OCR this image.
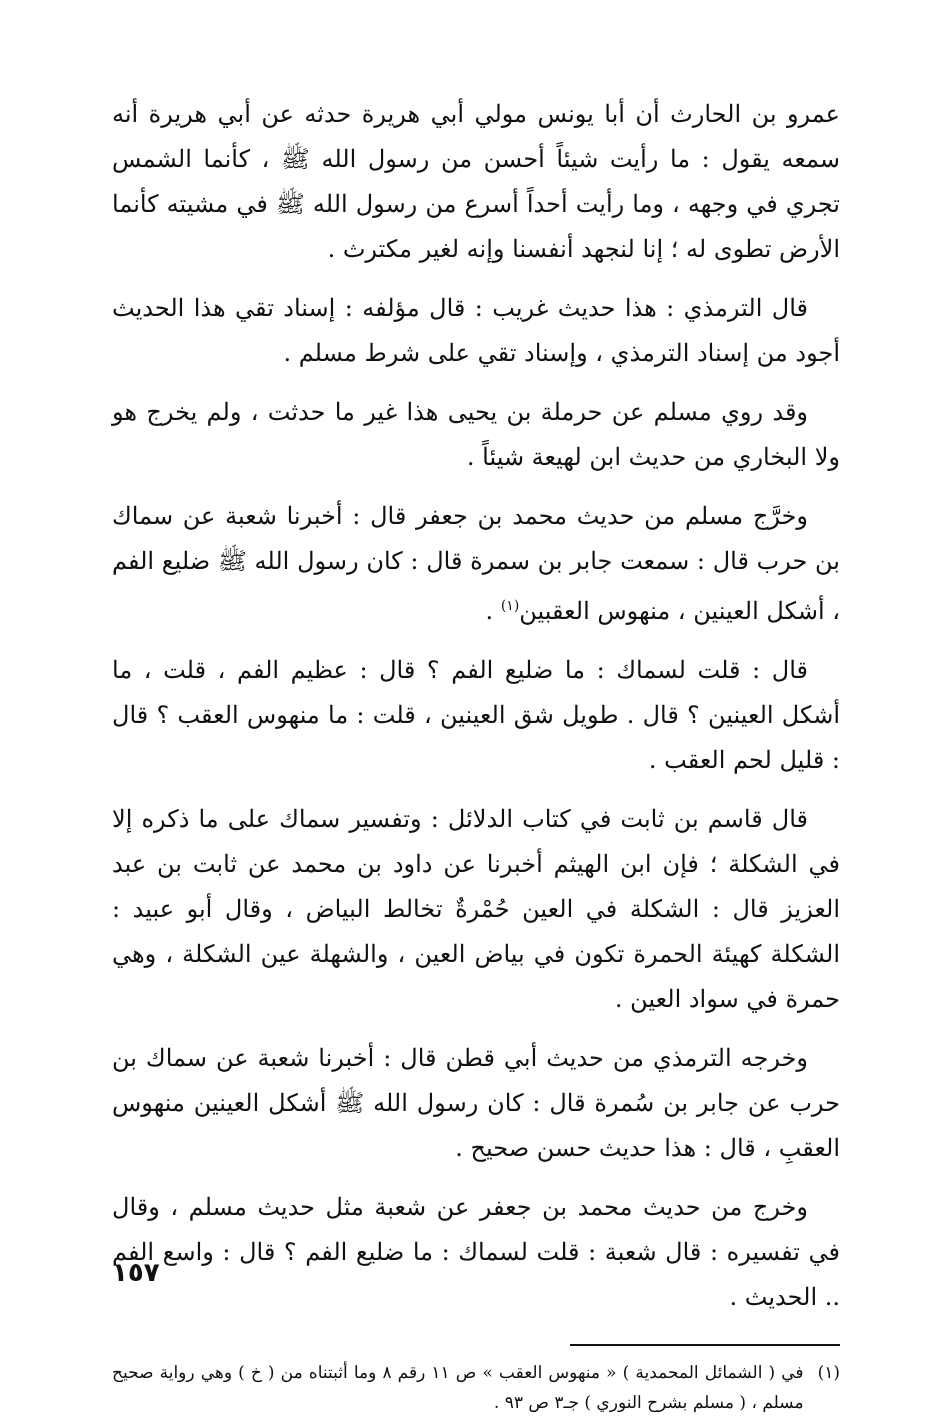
عمرو بن الحارث أن أبا يونس مولي أبي هريرة حدثه عن أبي هريرة أنه سمعه يقول : ما رأيت شيئاً أحسن من رسول الله ﷺ ، كأنما الشمس تجري في وجهه ، وما رأيت أحداً أسرع من رسول الله ﷺ في مشيته كأنما الأرض تطوى له ؛ إنا لنجهد أنفسنا وإنه لغير مكترث .

قال الترمذي : هذا حديث غريب : قال مؤلفه : إسناد تقي هذا الحديث أجود من إسناد الترمذي ، وإسناد تقي على شرط مسلم .

وقد روي مسلم عن حرملة بن يحيى هذا غير ما حدثت ، ولم يخرج هو ولا البخاري من حديث ابن لهيعة شيئاً .

وخرَّج مسلم من حديث محمد بن جعفر قال : أخبرنا شعبة عن سماك بن حرب قال : سمعت جابر بن سمرة قال : كان رسول الله ﷺ ضليع الفم ، أشكل العينين ، منهوس العقبين$^{(١)}$ .

قال : قلت لسماك : ما ضليع الفم ؟ قال : عظيم الفم ، قلت ، ما أشكل العينين ؟ قال . طويل شق العينين ، قلت : ما منهوس العقب ؟ قال : قليل لحم العقب .

قال قاسم بن ثابت في كتاب الدلائل : وتفسير سماك على ما ذكره إلا في الشكلة ؛ فإن ابن الهيثم أخبرنا عن داود بن محمد عن ثابت بن عبد العزيز قال : الشكلة في العين حُمْرةٌ تخالط البياض ، وقال أبو عبيد : الشكلة كهيئة الحمرة تكون في بياض العين ، والشهلة عين الشكلة ، وهي حمرة في سواد العين .

وخرجه الترمذي من حديث أبي قطن قال : أخبرنا شعبة عن سماك بن حرب عن جابر بن سُمرة قال : كان رسول الله ﷺ أشكل العينين منهوس العقبِ ، قال : هذا حديث حسن صحيح .

وخرج من حديث محمد بن جعفر عن شعبة مثل حديث مسلم ، وقال في تفسيره : قال شعبة : قلت لسماك : ما ضليع الفم ؟ قال : واسع الفم .. الحديث .

(١)
في ( الشمائل المحمدية ) « منهوس العقب » ص ١١ رقم ٨ وما أثبتناه من ( خ ) وهي رواية صحيح مسلم ، ( مسلم بشرح النوري ) جـ٣ ص ٩٣ .
١٥٧
